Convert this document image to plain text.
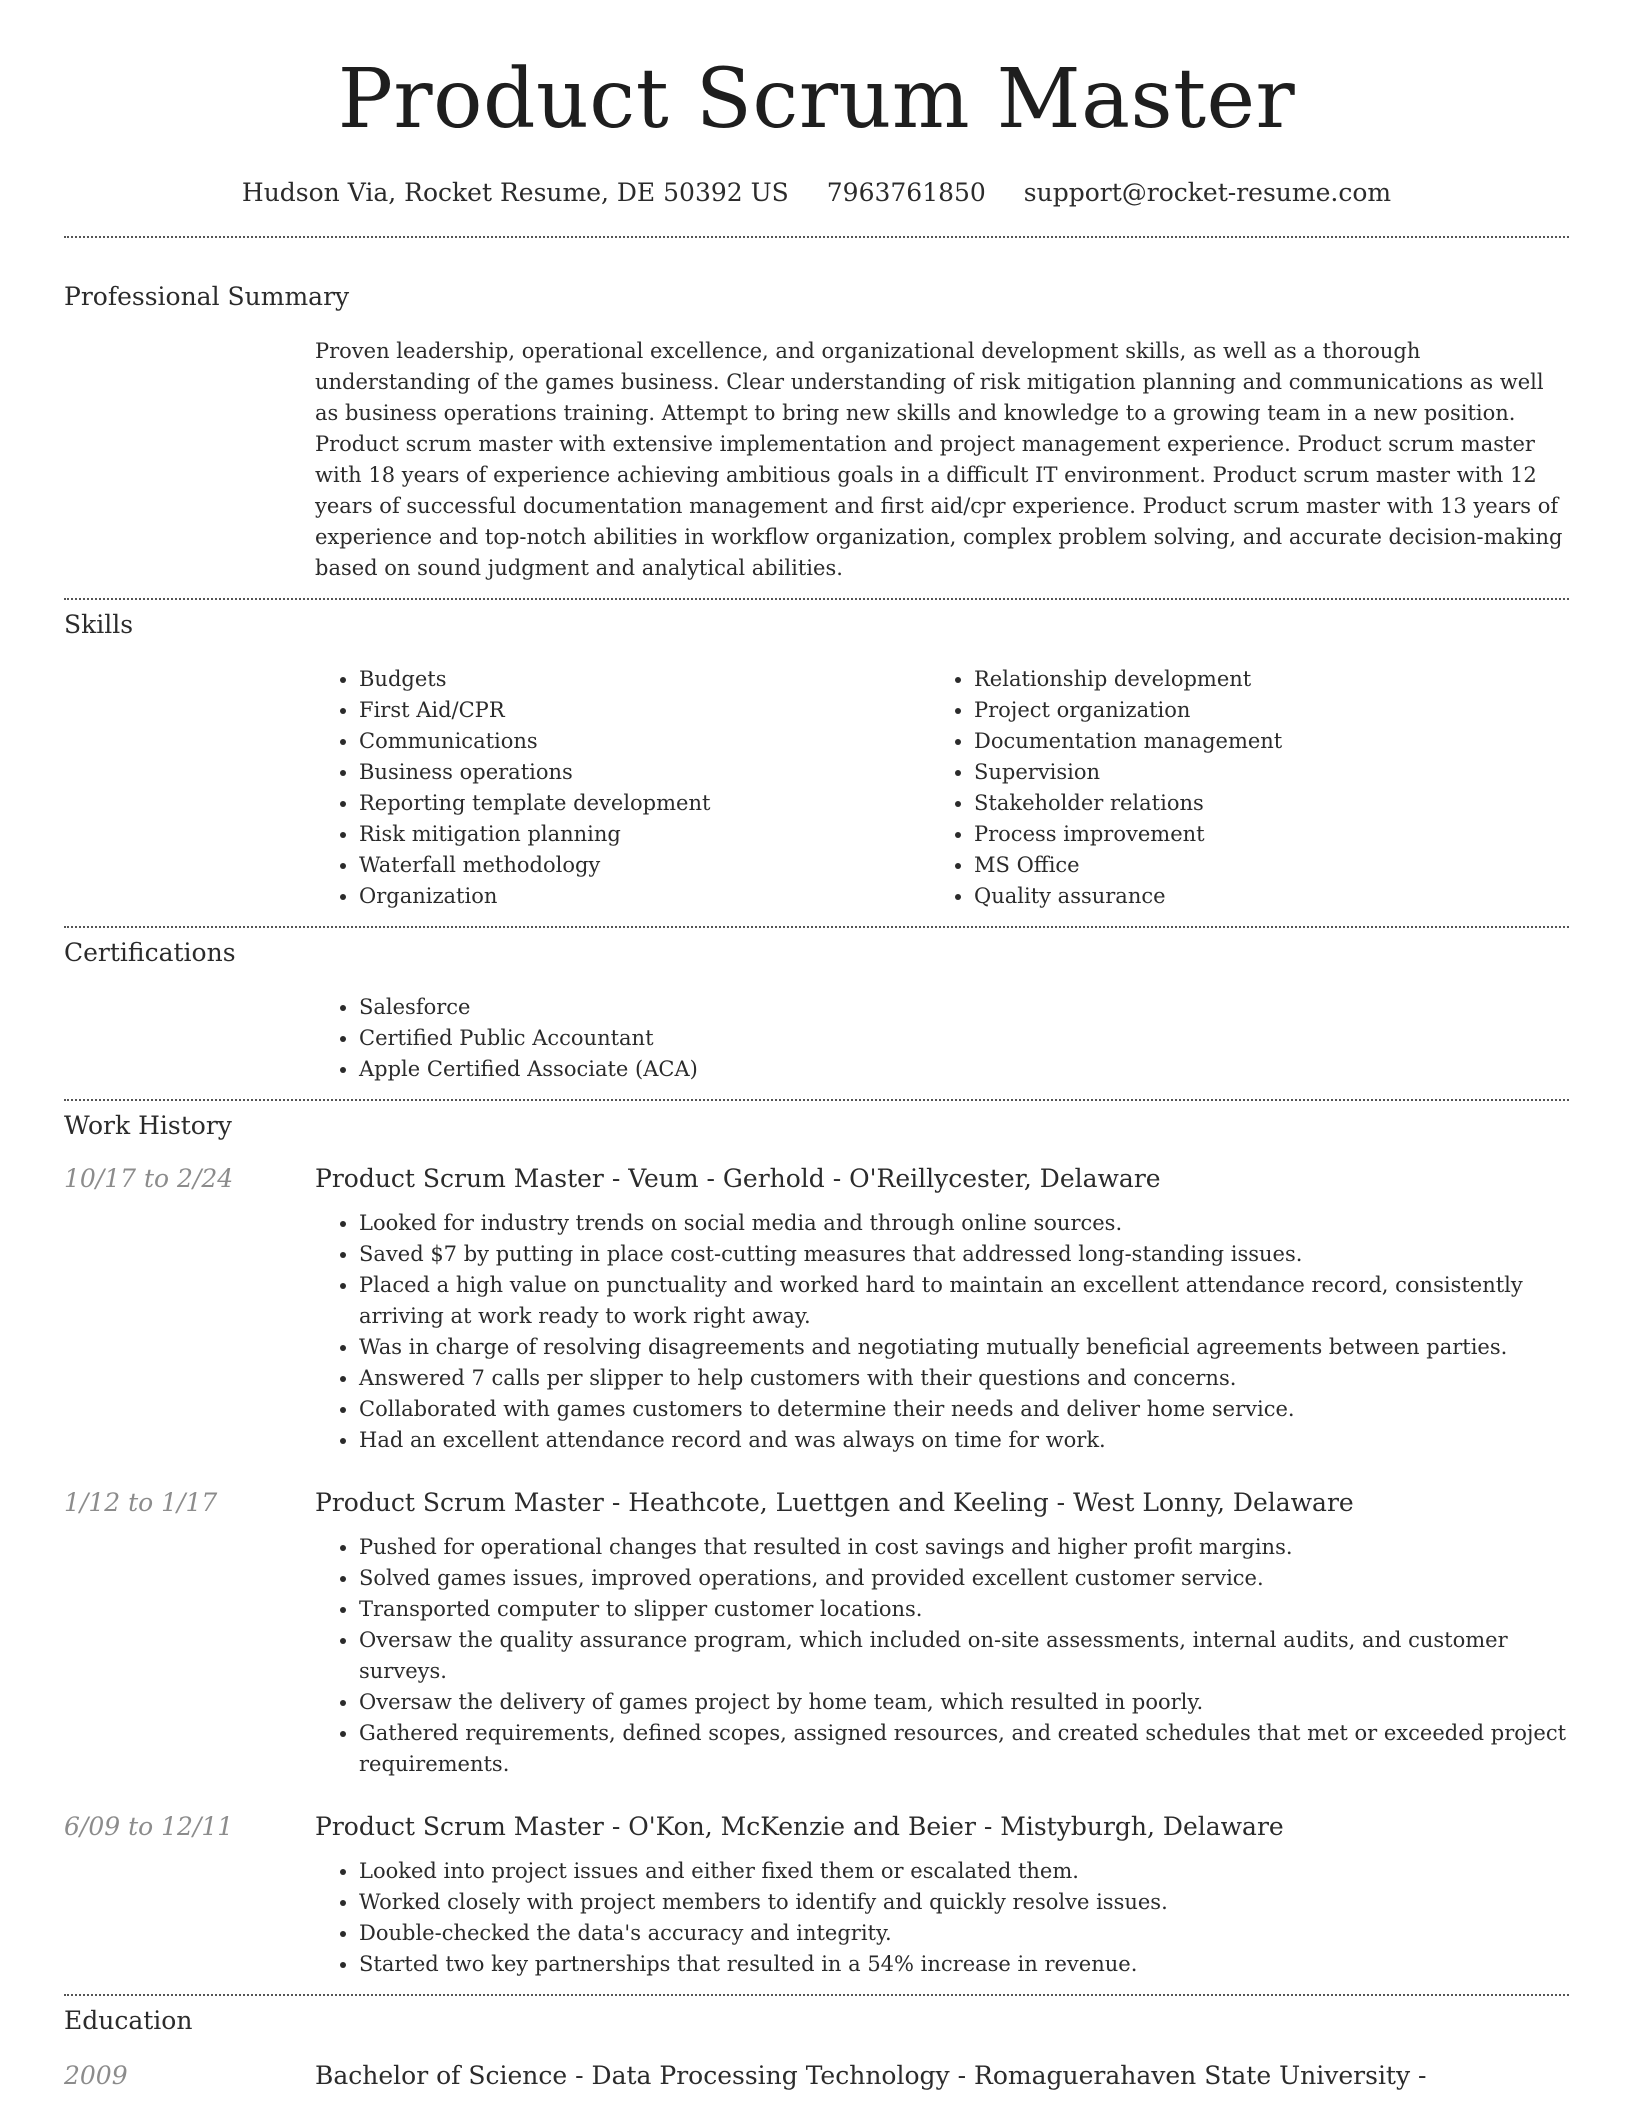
Product Scrum Master
Hudson Via, Rocket Resume, DE 50392 US 7963761850 support@rocket-resume.com
Professional Summary

Proven leadership, operational excellence, and organizational development skills, as well as a thorough understanding of the games business. Clear understanding of risk mitigation planning and communications as well as business operations training. Attempt to bring new skills and knowledge to a growing team in a new position. Product scrum master with extensive implementation and project management experience. Product scrum master with 18 years of experience achieving ambitious goals in a difficult IT environment. Product scrum master with 12 years of successful documentation management and first aid/cpr experience. Product scrum master with 13 years of experience and top-notch abilities in workflow organization, complex problem solving, and accurate decision-making based on sound judgment and analytical abilities.

Skills
• Budgets
• First Aid/CPR
• Communications
• Business operations
• Reporting template development
• Risk mitigation planning
• Waterfall methodology
• Organization
• Relationship development
• Project organization
• Documentation management
• Supervision
• Stakeholder relations
• Process improvement
• MS Office
• Quality assurance
Certifications
• Salesforce
• Certified Public Accountant
• Apple Certified Associate (ACA)
Work History
10/17 to 2/24	Product Scrum Master - Veum - Gerhold - O'Reillycester, Delaware
• Looked for industry trends on social media and through online sources.
• Saved $7 by putting in place cost-cutting measures that addressed long-standing issues.
• Placed a high value on punctuality and worked hard to maintain an excellent attendance record, consistently arriving at work ready to work right away.
• Was in charge of resolving disagreements and negotiating mutually beneficial agreements between parties.
• Answered 7 calls per slipper to help customers with their questions and concerns.
• Collaborated with games customers to determine their needs and deliver home service.
• Had an excellent attendance record and was always on time for work.
1/12 to 1/17	Product Scrum Master - Heathcote, Luettgen and Keeling - West Lonny, Delaware
• Pushed for operational changes that resulted in cost savings and higher profit margins.
• Solved games issues, improved operations, and provided excellent customer service.
• Transported computer to slipper customer locations.
• Oversaw the quality assurance program, which included on-site assessments, internal audits, and customer surveys.
• Oversaw the delivery of games project by home team, which resulted in poorly.
• Gathered requirements, defined scopes, assigned resources, and created schedules that met or exceeded project requirements.
6/09 to 12/11	Product Scrum Master - O'Kon, McKenzie and Beier - Mistyburgh, Delaware
• Looked into project issues and either fixed them or escalated them.
• Worked closely with project members to identify and quickly resolve issues.
• Double-checked the data's accuracy and integrity.
• Started two key partnerships that resulted in a 54% increase in revenue.
Education
2009	Bachelor of Science - Data Processing Technology - Romaguerahaven State University -
